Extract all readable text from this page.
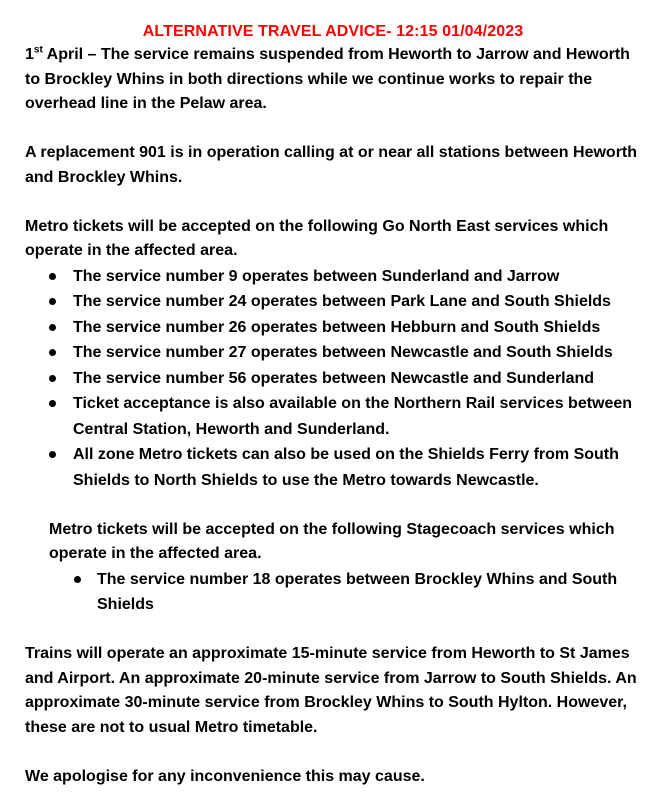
ALTERNATIVE TRAVEL ADVICE- 12:15 01/04/2023

1st April – The service remains suspended from Heworth to Jarrow and Heworth to Brockley Whins in both directions while we continue works to repair the overhead line in the Pelaw area.

A replacement 901 is in operation calling at or near all stations between Heworth and Brockley Whins.

Metro tickets will be accepted on the following Go North East services which operate in the affected area.

The service number 9 operates between Sunderland and Jarrow
The service number 24 operates between Park Lane and South Shields
The service number 26 operates between Hebburn and South Shields
The service number 27 operates between Newcastle and South Shields
The service number 56 operates between Newcastle and Sunderland
Ticket acceptance is also available on the Northern Rail services between Central Station, Heworth and Sunderland.
All zone Metro tickets can also be used on the Shields Ferry from South Shields to North Shields to use the Metro towards Newcastle.

Metro tickets will be accepted on the following Stagecoach services which operate in the affected area.

The service number 18 operates between Brockley Whins and South Shields

Trains will operate an approximate 15-minute service from Heworth to St James and Airport. An approximate 20-minute service from Jarrow to South Shields. An approximate 30-minute service from Brockley Whins to South Hylton. However, these are not to usual Metro timetable.

We apologise for any inconvenience this may cause.
